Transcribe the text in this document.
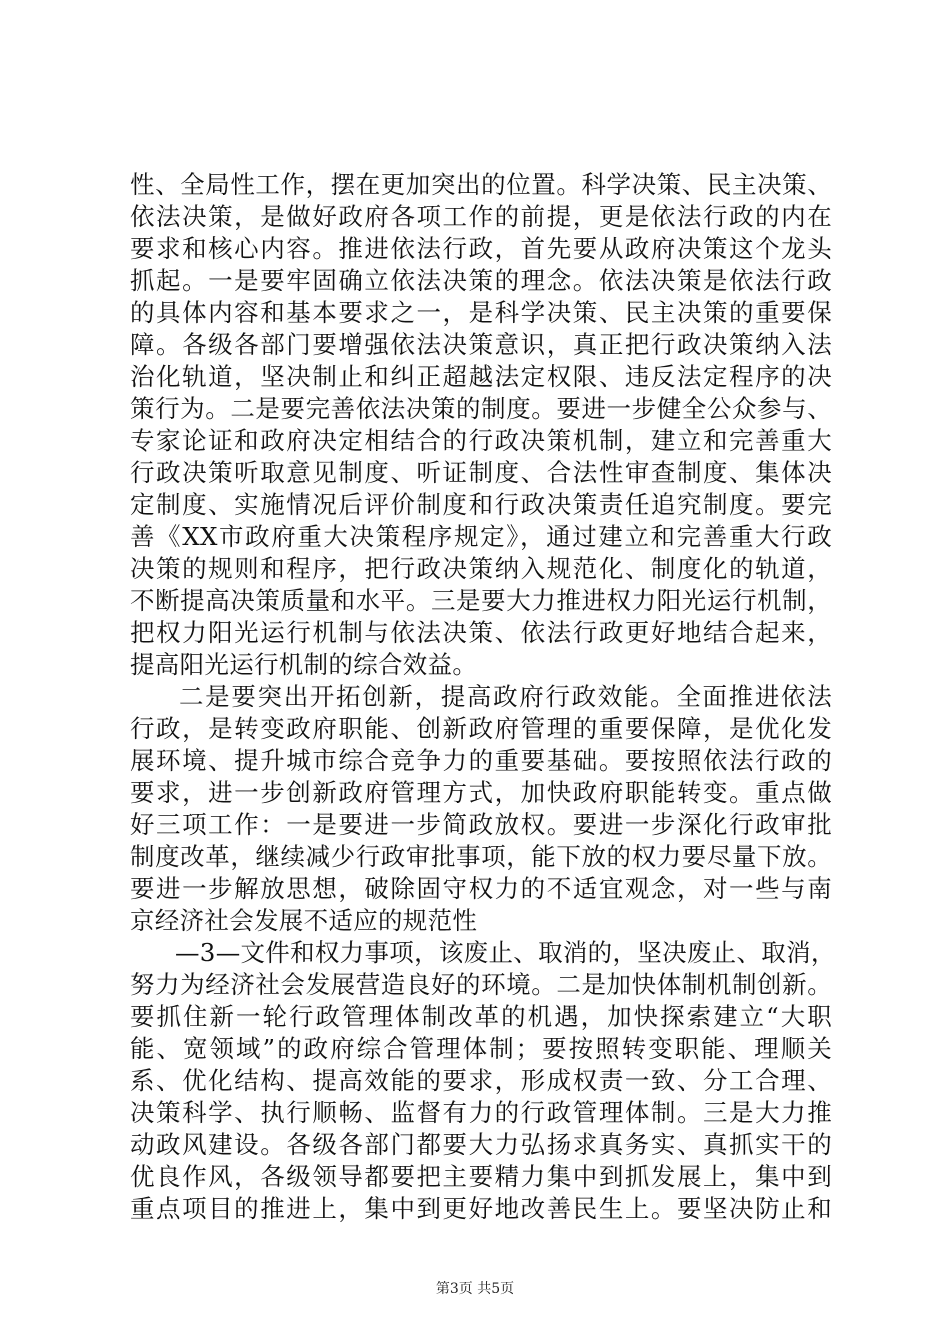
性、全局性工作，摆在更加突出的位置。科学决策、民主决策、
依法决策，是做好政府各项工作的前提，更是依法行政的内在
要求和核心内容。推进依法行政，首先要从政府决策这个龙头
抓起。一是要牢固确立依法决策的理念。依法决策是依法行政
的具体内容和基本要求之一，是科学决策、民主决策的重要保
障。各级各部门要增强依法决策意识，真正把行政决策纳入法
治化轨道，坚决制止和纠正超越法定权限、违反法定程序的决
策行为。二是要完善依法决策的制度。要进一步健全公众参与、
专家论证和政府决定相结合的行政决策机制，建立和完善重大
行政决策听取意见制度、听证制度、合法性审查制度、集体决
定制度、实施情况后评价制度和行政决策责任追究制度。要完
善《XX市政府重大决策程序规定》，通过建立和完善重大行政
决策的规则和程序，把行政决策纳入规范化、制度化的轨道，
不断提高决策质量和水平。三是要大力推进权力阳光运行机制，
把权力阳光运行机制与依法决策、依法行政更好地结合起来，
提高阳光运行机制的综合效益。
二是要突出开拓创新，提高政府行政效能。全面推进依法
行政，是转变政府职能、创新政府管理的重要保障，是优化发
展环境、提升城市综合竞争力的重要基础。要按照依法行政的
要求，进一步创新政府管理方式，加快政府职能转变。重点做
好三项工作：一是要进一步简政放权。要进一步深化行政审批
制度改革，继续减少行政审批事项，能下放的权力要尽量下放。
要进一步解放思想，破除固守权力的不适宜观念，对一些与南
京经济社会发展不适应的规范性
—3—文件和权力事项，该废止、取消的，坚决废止、取消，
努力为经济社会发展营造良好的环境。二是加快体制机制创新。
要抓住新一轮行政管理体制改革的机遇，加快探索建立“大职
能、宽领域”的政府综合管理体制；要按照转变职能、理顺关
系、优化结构、提高效能的要求，形成权责一致、分工合理、
决策科学、执行顺畅、监督有力的行政管理体制。三是大力推
动政风建设。各级各部门都要大力弘扬求真务实、真抓实干的
优良作风，各级领导都要把主要精力集中到抓发展上，集中到
重点项目的推进上，集中到更好地改善民生上。要坚决防止和
第3页 共5页
